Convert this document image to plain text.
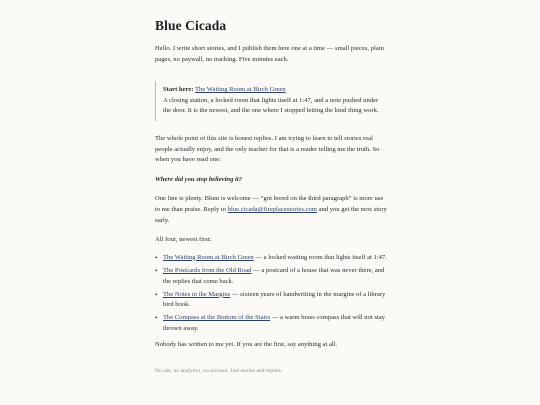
Blue Cicada

Hello. I write short stories, and I publish them here one at a time — small pieces, plain pages, no paywall, no tracking. Five minutes each.

Start here: The Waiting Room at Birch Green

A closing station, a locked room that lights itself at 1:47, and a note pushed under the door. It is the newest, and the one where I stopped letting the kind thing work.

The whole point of this site is honest replies. I am trying to learn to tell stories real people actually enjoy, and the only teacher for that is a reader telling me the truth. So when you have read one:

Where did you stop believing it?

One line is plenty. Blunt is welcome — “got bored on the third paragraph” is more use to me than praise. Reply to blue.cicada@fireplacestories.com and you get the next story early.

All four, newest first:

• The Waiting Room at Birch Green — a locked waiting room that lights itself at 1:47.
• The Postcards from the Old Road — a postcard of a house that was never there, and the replies that come back.
• The Notes in the Margins — sixteen years of handwriting in the margins of a library bird book.
• The Compass at the Bottom of the Stairs — a warm brass compass that will not stay thrown away.

Nobody has written to me yet. If you are the first, say anything at all.

No ads, no analytics, no account. Just stories and replies.
